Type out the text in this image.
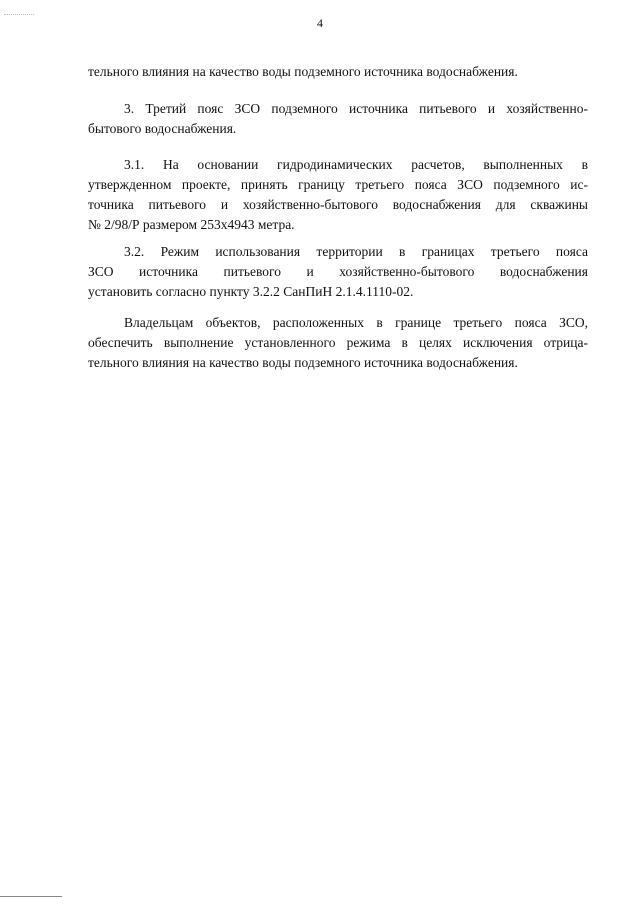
4
тельного влияния на качество воды подземного источника водоснабжения.
3. Третий пояс ЗСО подземного источника питьевого и хозяйственно-
бытового водоснабжения.
3.1. На основании гидродинамических расчетов, выполненных в
утвержденном проекте, принять границу третьего пояса ЗСО подземного ис-
точника питьевого и хозяйственно-бытового водоснабжения для скважины
№ 2/98/Р размером 253х4943 метра.
3.2. Режим использования территории в границах третьего пояса
ЗСО источника питьевого и хозяйственно-бытового водоснабжения
установить согласно пункту 3.2.2 СанПиН 2.1.4.1110-02.
Владельцам объектов, расположенных в границе третьего пояса ЗСО,
обеспечить выполнение установленного режима в целях исключения отрица-
тельного влияния на качество воды подземного источника водоснабжения.
